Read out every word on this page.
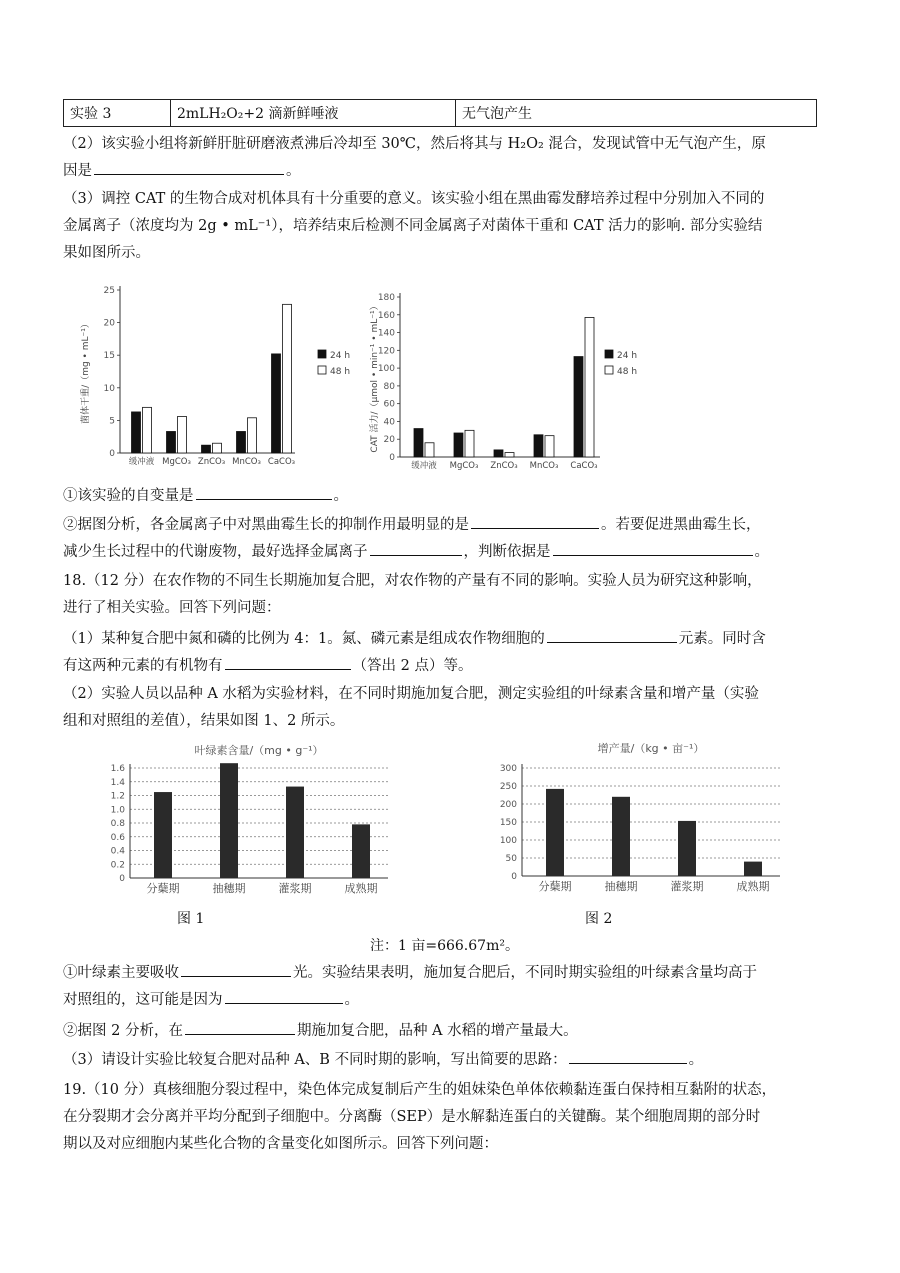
实验 3	2mLH₂O₂+2 滴新鲜唾液	无气泡产生
（2）该实验小组将新鲜肝脏研磨液煮沸后冷却至 30℃，然后将其与 H₂O₂ 混合，发现试管中无气泡产生，原
因是	。
（3）调控 CAT 的生物合成对机体具有十分重要的意义。该实验小组在黑曲霉发酵培养过程中分别加入不同的
金属离子（浓度均为 2g • mL⁻¹），培养结束后检测不同金属离子对菌体干重和 CAT 活力的影响. 部分实验结
果如图所示。
0
5
10
15
20
25
菌体干重/（mg • mL⁻¹）
缓冲液 MgCO₃ ZnCO₃ MnCO₃ CaCO₃
24 h
48 h
0
20
40
60
80
100
120
140
160
180
CAT 活力/（μmol • min⁻¹ • mL⁻¹）
缓冲液 MgCO₃ ZnCO₃ MnCO₃ CaCO₃
24 h
48 h
①该实验的自变量是	。
②据图分析，各金属离子中对黑曲霉生长的抑制作用最明显的是	。若要促进黑曲霉生长，
减少生长过程中的代谢废物，最好选择金属离子	，判断依据是	。
18.（12 分）在农作物的不同生长期施加复合肥，对农作物的产量有不同的影响。实验人员为研究这种影响，
进行了相关实验。回答下列问题：
（1）某种复合肥中氮和磷的比例为 4：1。氮、磷元素是组成农作物细胞的	元素。同时含
有这两种元素的有机物有	（答出 2 点）等。
（2）实验人员以品种 A 水稻为实验材料，在不同时期施加复合肥，测定实验组的叶绿素含量和增产量（实验
组和对照组的差值），结果如图 1、2 所示。
0
0.2
0.4
0.6
0.8
1.0
1.2
1.4
1.6
叶绿素含量/（mg • g⁻¹）
分蘖期	抽穗期	灌浆期	成熟期
0
50
100
150
200
250
300
增产量/（kg • 亩⁻¹）
分蘖期	抽穗期	灌浆期	成熟期
图 1	图 2
注：1 亩=666.67m²。
①叶绿素主要吸收	光。实验结果表明，施加复合肥后，不同时期实验组的叶绿素含量均高于
对照组的，这可能是因为	。
②据图 2 分析，在	期施加复合肥，品种 A 水稻的增产量最大。
（3）请设计实验比较复合肥对品种 A、B 不同时期的影响，写出简要的思路：	。
19.（10 分）真核细胞分裂过程中，染色体完成复制后产生的姐妹染色单体依赖黏连蛋白保持相互黏附的状态，
在分裂期才会分离并平均分配到子细胞中。分离酶（SEP）是水解黏连蛋白的关键酶。某个细胞周期的部分时
期以及对应细胞内某些化合物的含量变化如图所示。回答下列问题：
